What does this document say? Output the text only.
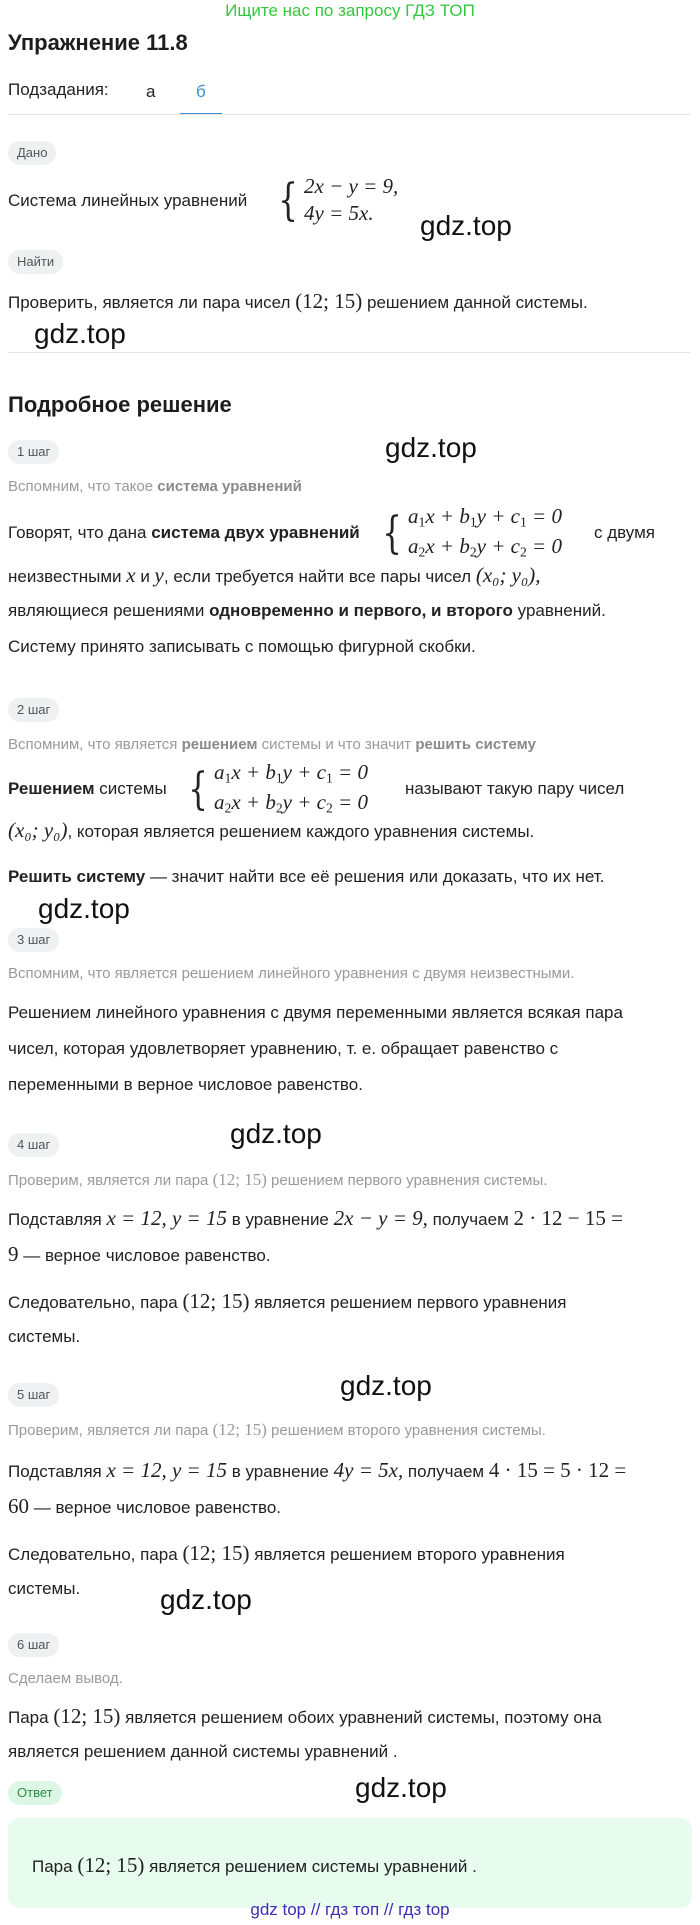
Ищите нас по запросу ГДЗ ТОП
Упражнение 11.8
Подзадания: а б
Дано
Система линейных уравнений { 2x − y = 9,
4y = 5x.	gdz.top
Найти
Проверить, является ли пара чисел (12; 15) решением данной системы.
gdz.top
Подробное решение
gdz.top
1 шаг
Вспомним, что такое система уравнений
Говорят, что дана система двух уравнений { $a_1x + b_1y + c_1 = 0$
$a_2x + b_2y + c_2 = 0$
с двумя
неизвестными x и y, если требуется найти все пары чисел (x₀; y₀),
являющиеся решениями одновременно и первого, и второго уравнений.
Систему принято записывать с помощью фигурной скобки.
2 шаг
Вспомним, что является решением системы и что значит решить систему
Решением системы { $a_1x + b_1y + c_1 = 0$
$a_2x + b_2y + c_2 = 0$
называют такую пару чисел
(x₀; y₀), которая является решением каждого уравнения системы.
Решить систему — значит найти все её решения или доказать, что их нет.
gdz.top
3 шаг
Вспомним, что является решением линейного уравнения с двумя неизвестными.
Решением линейного уравнения с двумя переменными является всякая пара
чисел, которая удовлетворяет уравнению, т. е. обращает равенство с
переменными в верное числовое равенство.
gdz.top
4 шаг
Проверим, является ли пара (12; 15) решением первого уравнения системы.
Подставляя x = 12, y = 15 в уравнение 2x − y = 9, получаем 2 · 12 − 15 =
9 — верное числовое равенство.
Следовательно, пара (12; 15) является решением первого уравнения
системы.
gdz.top
5 шаг
Проверим, является ли пара (12; 15) решением второго уравнения системы.
Подставляя x = 12, y = 15 в уравнение 4y = 5x, получаем 4 · 15 = 5 · 12 =
60 — верное числовое равенство.
Следовательно, пара (12; 15) является решением второго уравнения
системы.	gdz.top
6 шаг
Сделаем вывод.
Пара (12; 15) является решением обоих уравнений системы, поэтому она
является решением данной системы уравнений .
gdz.top
Ответ
Пара (12; 15) является решением системы уравнений .
gdz top // гдз топ // гдз top
